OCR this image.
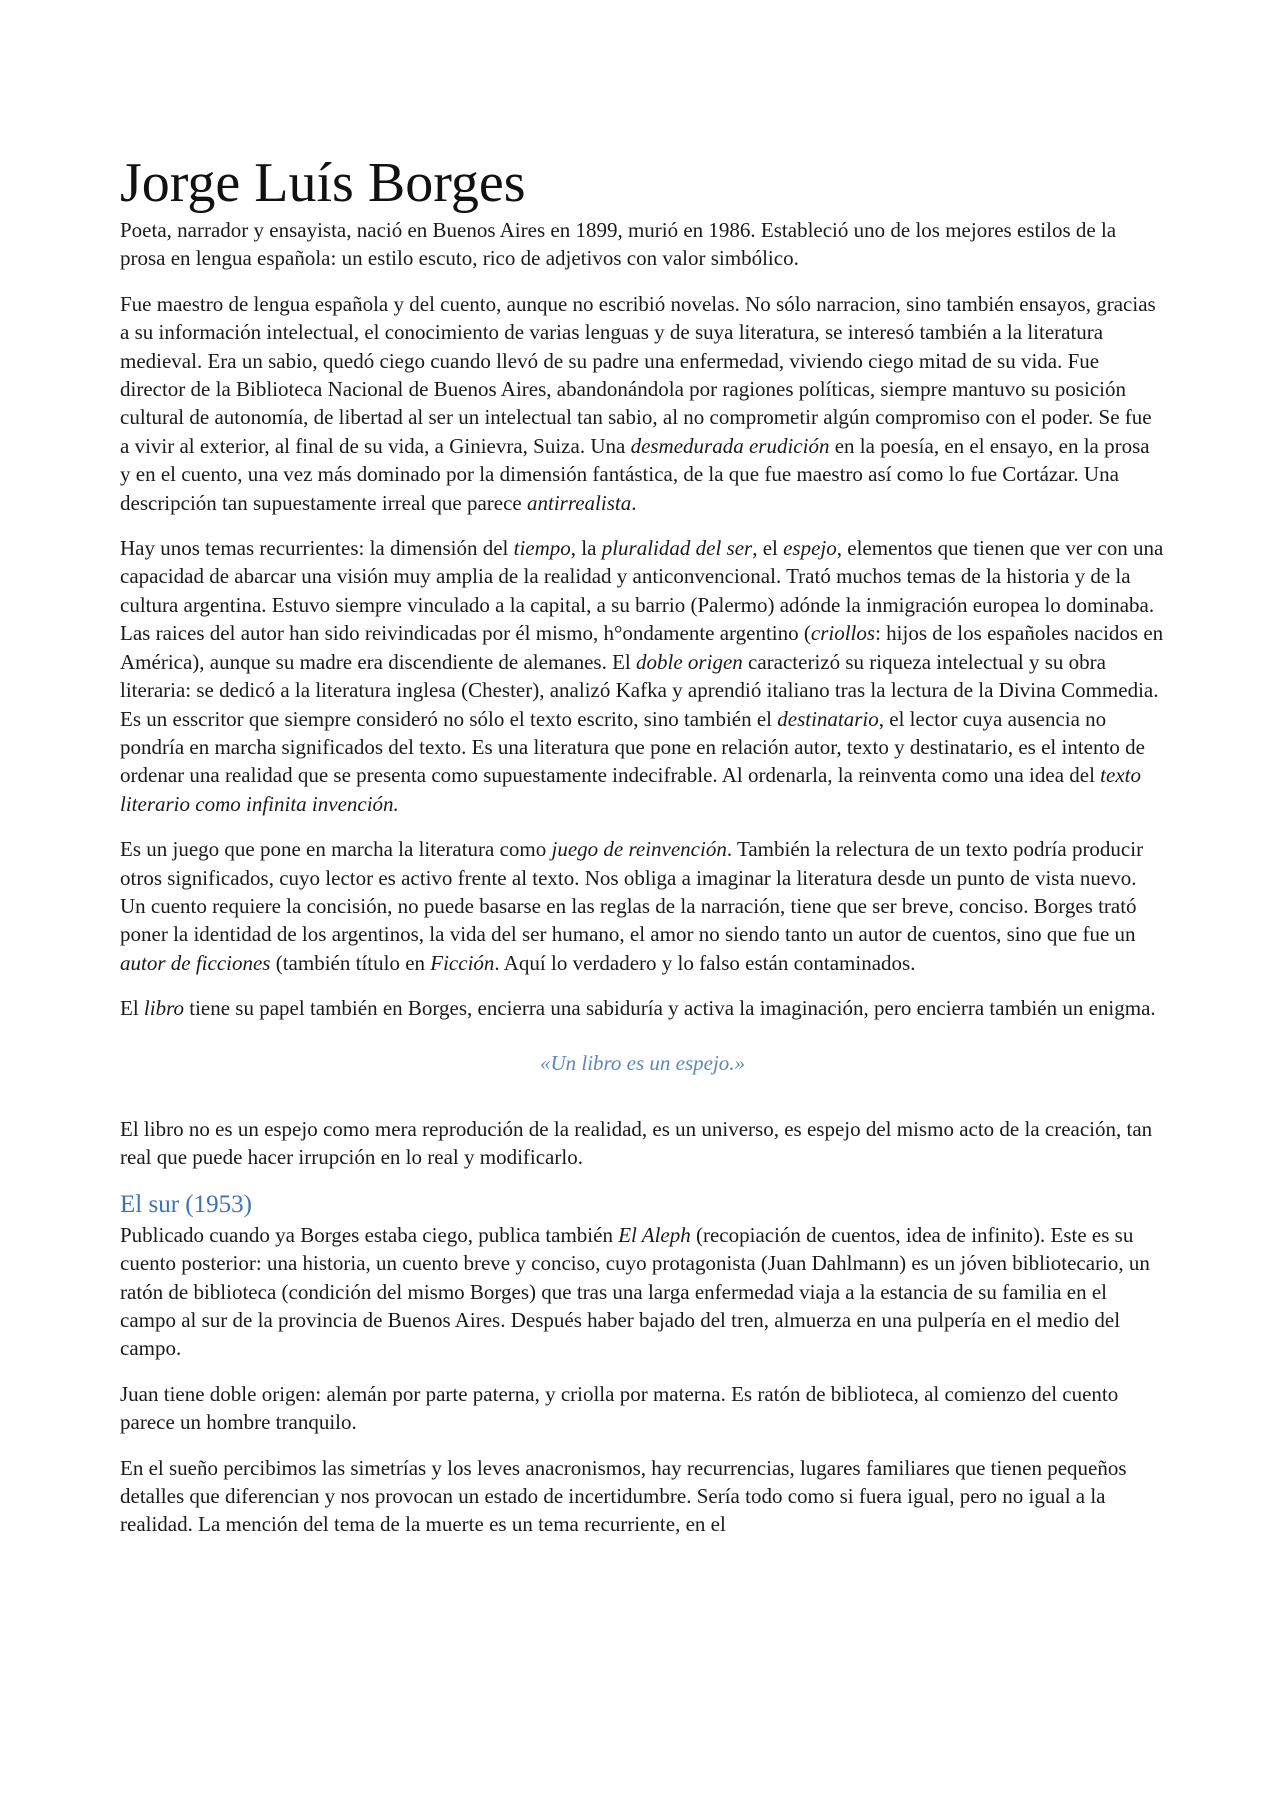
Jorge Luís Borges

Poeta, narrador y ensayista, nació en Buenos Aires en 1899, murió en 1986. Estableció uno de los mejores estilos de la prosa en lengua española: un estilo escuto, rico de adjetivos con valor simbólico.

Fue maestro de lengua española y del cuento, aunque no escribió novelas. No sólo narracion, sino también ensayos, gracias a su información intelectual, el conocimiento de varias lenguas y de suya literatura, se interesó también a la literatura medieval. Era un sabio, quedó ciego cuando llevó de su padre una enfermedad, viviendo ciego mitad de su vida. Fue director de la Biblioteca Nacional de Buenos Aires, abandonándola por ragiones políticas, siempre mantuvo su posición cultural de autonomía, de libertad al ser un intelectual tan sabio, al no comprometir algún compromiso con el poder. Se fue a vivir al exterior, al final de su vida, a Ginievra, Suiza. Una desmedurada erudición en la poesía, en el ensayo, en la prosa y en el cuento, una vez más dominado por la dimensión fantástica, de la que fue maestro así como lo fue Cortázar. Una descripción tan supuestamente irreal que parece antirrealista.

Hay unos temas recurrientes: la dimensión del tiempo, la pluralidad del ser, el espejo, elementos que tienen que ver con una capacidad de abarcar una visión muy amplia de la realidad y anticonvencional. Trató muchos temas de la historia y de la cultura argentina. Estuvo siempre vinculado a la capital, a su barrio (Palermo) adónde la inmigración europea lo dominaba. Las raices del autor han sido reivindicadas por él mismo, h°ondamente argentino (criollos: hijos de los españoles nacidos en América), aunque su madre era discendiente de alemanes. El doble origen caracterizó su riqueza intelectual y su obra literaria: se dedicó a la literatura inglesa (Chester), analizó Kafka y aprendió italiano tras la lectura de la Divina Commedia. Es un esscritor que siempre consideró no sólo el texto escrito, sino también el destinatario, el lector cuya ausencia no pondría en marcha significados del texto. Es una literatura que pone en relación autor, texto y destinatario, es el intento de ordenar una realidad que se presenta como supuestamente indecifrable. Al ordenarla, la reinventa como una idea del texto literario como infinita invención.

Es un juego que pone en marcha la literatura como juego de reinvención. También la relectura de un texto podría producir otros significados, cuyo lector es activo frente al texto. Nos obliga a imaginar la literatura desde un punto de vista nuevo. Un cuento requiere la concisión, no puede basarse en las reglas de la narración, tiene que ser breve, conciso. Borges trató poner la identidad de los argentinos, la vida del ser humano, el amor no siendo tanto un autor de cuentos, sino que fue un autor de ficciones (también título en Ficción. Aquí lo verdadero y lo falso están contaminados.

El libro tiene su papel también en Borges, encierra una sabiduría y activa la imaginación, pero encierra también un enigma.

«Un libro es un espejo.»

El libro no es un espejo como mera reprodución de la realidad, es un universo, es espejo del mismo acto de la creación, tan real que puede hacer irrupción en lo real y modificarlo.

El sur (1953)

Publicado cuando ya Borges estaba ciego, publica también El Aleph (recopiación de cuentos, idea de infinito). Este es su cuento posterior: una historia, un cuento breve y conciso, cuyo protagonista (Juan Dahlmann) es un jóven bibliotecario, un ratón de biblioteca (condición del mismo Borges) que tras una larga enfermedad viaja a la estancia de su familia en el campo al sur de la provincia de Buenos Aires. Después haber bajado del tren, almuerza en una pulpería en el medio del campo.

Juan tiene doble origen: alemán por parte paterna, y criolla por materna. Es ratón de biblioteca, al comienzo del cuento parece un hombre tranquilo.

En el sueño percibimos las simetrías y los leves anacronismos, hay recurrencias, lugares familiares que tienen pequeños detalles que diferencian y nos provocan un estado de incertidumbre. Sería todo como si fuera igual, pero no igual a la realidad. La mención del tema de la muerte es un tema recurriente, en el
